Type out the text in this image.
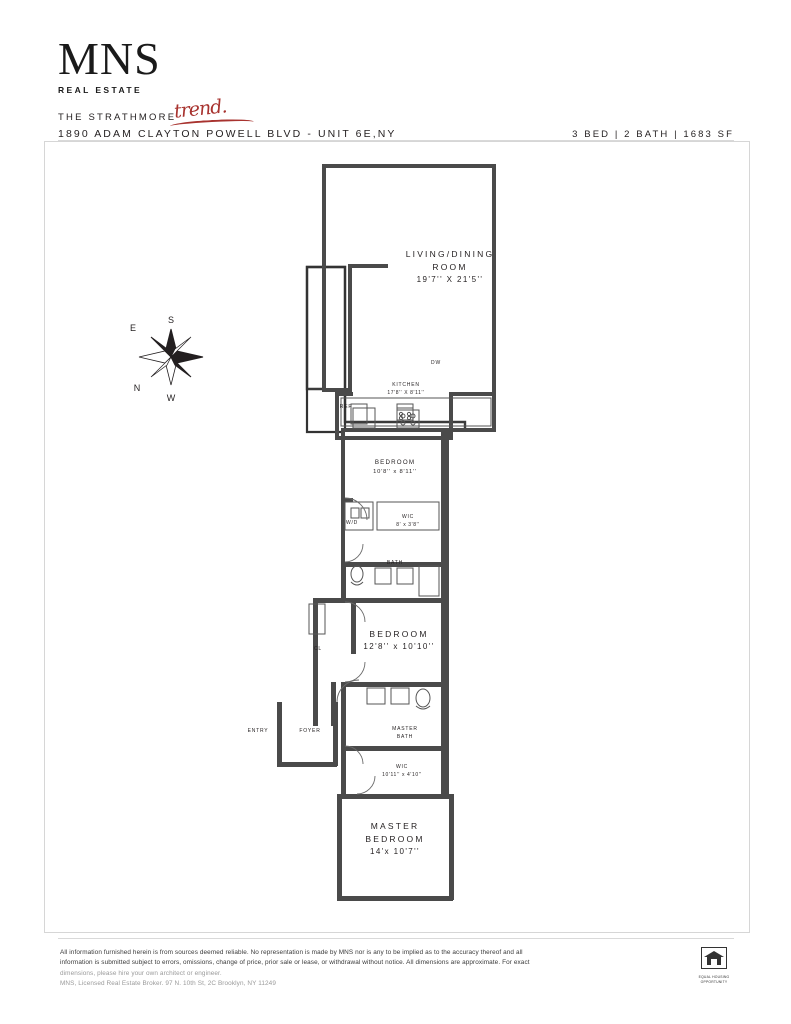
MNS
REAL ESTATE
trend.
THE STRATHMORE
1890 ADAM CLAYTON POWELL BLVD - UNIT 6E,NY	3 BED | 2 BATH | 1683 SF
S
W
E
N
LIVING/DINING
ROOM
19'7'' X 21'5''
KITCHEN
17'8'' X 8'11''
REF
DW
BEDROOM
10'8'' x 8'11''
W/D
WIC
8' x 3'8''
BATH
BEDROOM
12'8'' x 10'10''
CL
MASTER
BATH
WIC
10'11'' x 4'10''
MASTER
BEDROOM
14'x 10'7''
FOYER
ENTRY
All information furnished herein is from sources deemed reliable. No representation is made by MNS nor is any to be implied as to the accuracy thereof and all
information is submitted subject to errors, omissions, change of price, prior sale or lease, or withdrawal without notice. All dimensions are approximate. For exact
dimensions, please hire your own architect or engineer.
MNS, Licensed Real Estate Broker. 97 N. 10th St, 2C Brooklyn, NY 11249
EQUAL HOUSING
OPPORTUNITY
